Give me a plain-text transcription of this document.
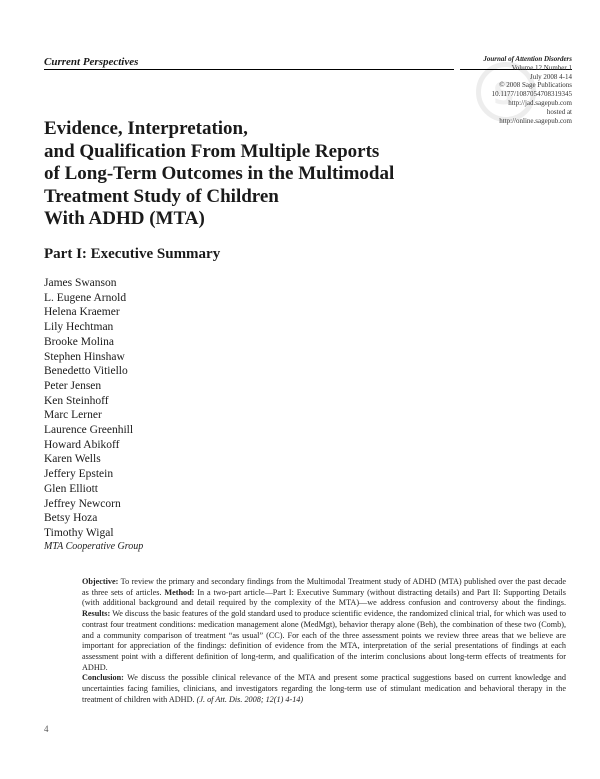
Current Perspectives
S
Journal of Attention Disorders
Volume 12 Number 1
July 2008 4-14
© 2008 Sage Publications
10.1177/1087054708319345
http://jad.sagepub.com
hosted at
http://online.sagepub.com
Evidence, Interpretation,
and Qualification From Multiple Reports
of Long-Term Outcomes in the Multimodal
Treatment Study of Children
With ADHD (MTA)
Part I: Executive Summary
James Swanson
L. Eugene Arnold
Helena Kraemer
Lily Hechtman
Brooke Molina
Stephen Hinshaw
Benedetto Vitiello
Peter Jensen
Ken Steinhoff
Marc Lerner
Laurence Greenhill
Howard Abikoff
Karen Wells
Jeffery Epstein
Glen Elliott
Jeffrey Newcorn
Betsy Hoza
Timothy Wigal
MTA Cooperative Group

Objective: To review the primary and secondary findings from the Multimodal Treatment study of ADHD (MTA) published over the past decade as three sets of articles. Method: In a two-part article—Part I: Executive Summary (without distracting details) and Part II: Supporting Details (with additional background and detail required by the complexity of the MTA)—we address confusion and controversy about the findings. Results: We discuss the basic features of the gold standard used to produce scientific evidence, the randomized clinical trial, for which was used to contrast four treatment conditions: medication management alone (MedMgt), behavior therapy alone (Beh), the combination of these two (Comb), and a community comparison of treatment “as usual” (CC). For each of the three assessment points we review three areas that we believe are important for appreciation of the findings: definition of evidence from the MTA, interpretation of the serial presentations of findings at each assessment point with a different definition of long-term, and qualification of the interim conclusions about long-term effects of treatments for ADHD.

Conclusion: We discuss the possible clinical relevance of the MTA and present some practical suggestions based on current knowledge and uncertainties facing families, clinicians, and investigators regarding the long-term use of stimulant medication and behavioral therapy in the treatment of children with ADHD. (J. of Att. Dis. 2008; 12(1) 4-14)

4
